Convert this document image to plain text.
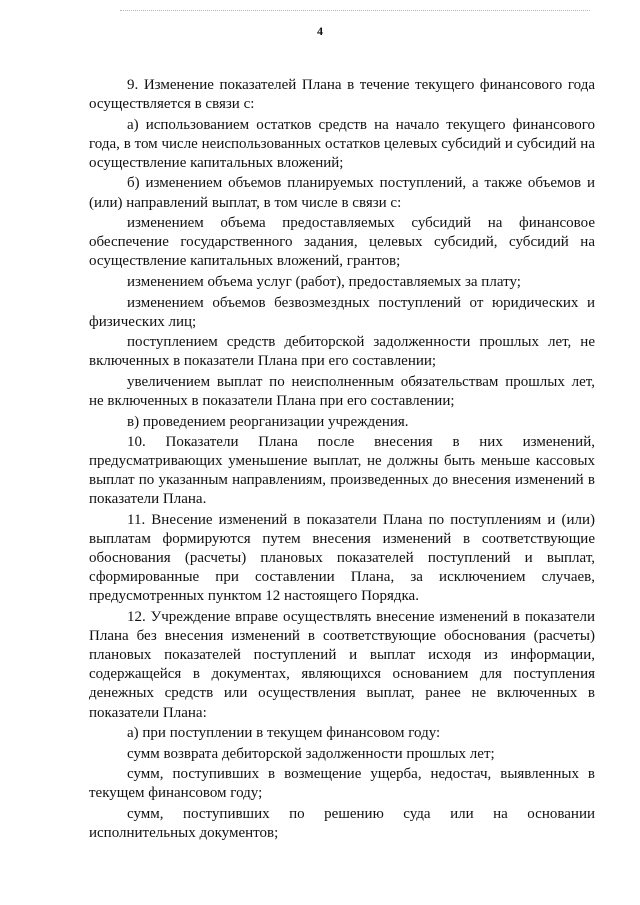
4

9. Изменение показателей Плана в течение текущего финансового года осуществляется в связи с:

а) использованием остатков средств на начало текущего финансового года, в том числе неиспользованных остатков целевых субсидий и субсидий на осуществление капитальных вложений;

б) изменением объемов планируемых поступлений, а также объемов и (или) направлений выплат, в том числе в связи с:

изменением объема предоставляемых субсидий на финансовое обеспечение государственного задания, целевых субсидий, субсидий на осуществление капитальных вложений, грантов;

изменением объема услуг (работ), предоставляемых за плату;

изменением объемов безвозмездных поступлений от юридических и физических лиц;

поступлением средств дебиторской задолженности прошлых лет, не включенных в показатели Плана при его составлении;

увеличением выплат по неисполненным обязательствам прошлых лет, не включенных в показатели Плана при его составлении;

в) проведением реорганизации учреждения.

10. Показатели Плана после внесения в них изменений, предусматривающих уменьшение выплат, не должны быть меньше кассовых выплат по указанным направлениям, произведенных до внесения изменений в показатели Плана.

11. Внесение изменений в показатели Плана по поступлениям и (или) выплатам формируются путем внесения изменений в соответствующие обоснования (расчеты) плановых показателей поступлений и выплат, сформированные при составлении Плана, за исключением случаев, предусмотренных пунктом 12 настоящего Порядка.

12. Учреждение вправе осуществлять внесение изменений в показатели Плана без внесения изменений в соответствующие обоснования (расчеты) плановых показателей поступлений и выплат исходя из информации, содержащейся в документах, являющихся основанием для поступления денежных средств или осуществления выплат, ранее не включенных в показатели Плана:

а) при поступлении в текущем финансовом году:

сумм возврата дебиторской задолженности прошлых лет;

сумм, поступивших в возмещение ущерба, недостач, выявленных в текущем финансовом году;

сумм, поступивших по решению суда или на основании исполнительных документов;
